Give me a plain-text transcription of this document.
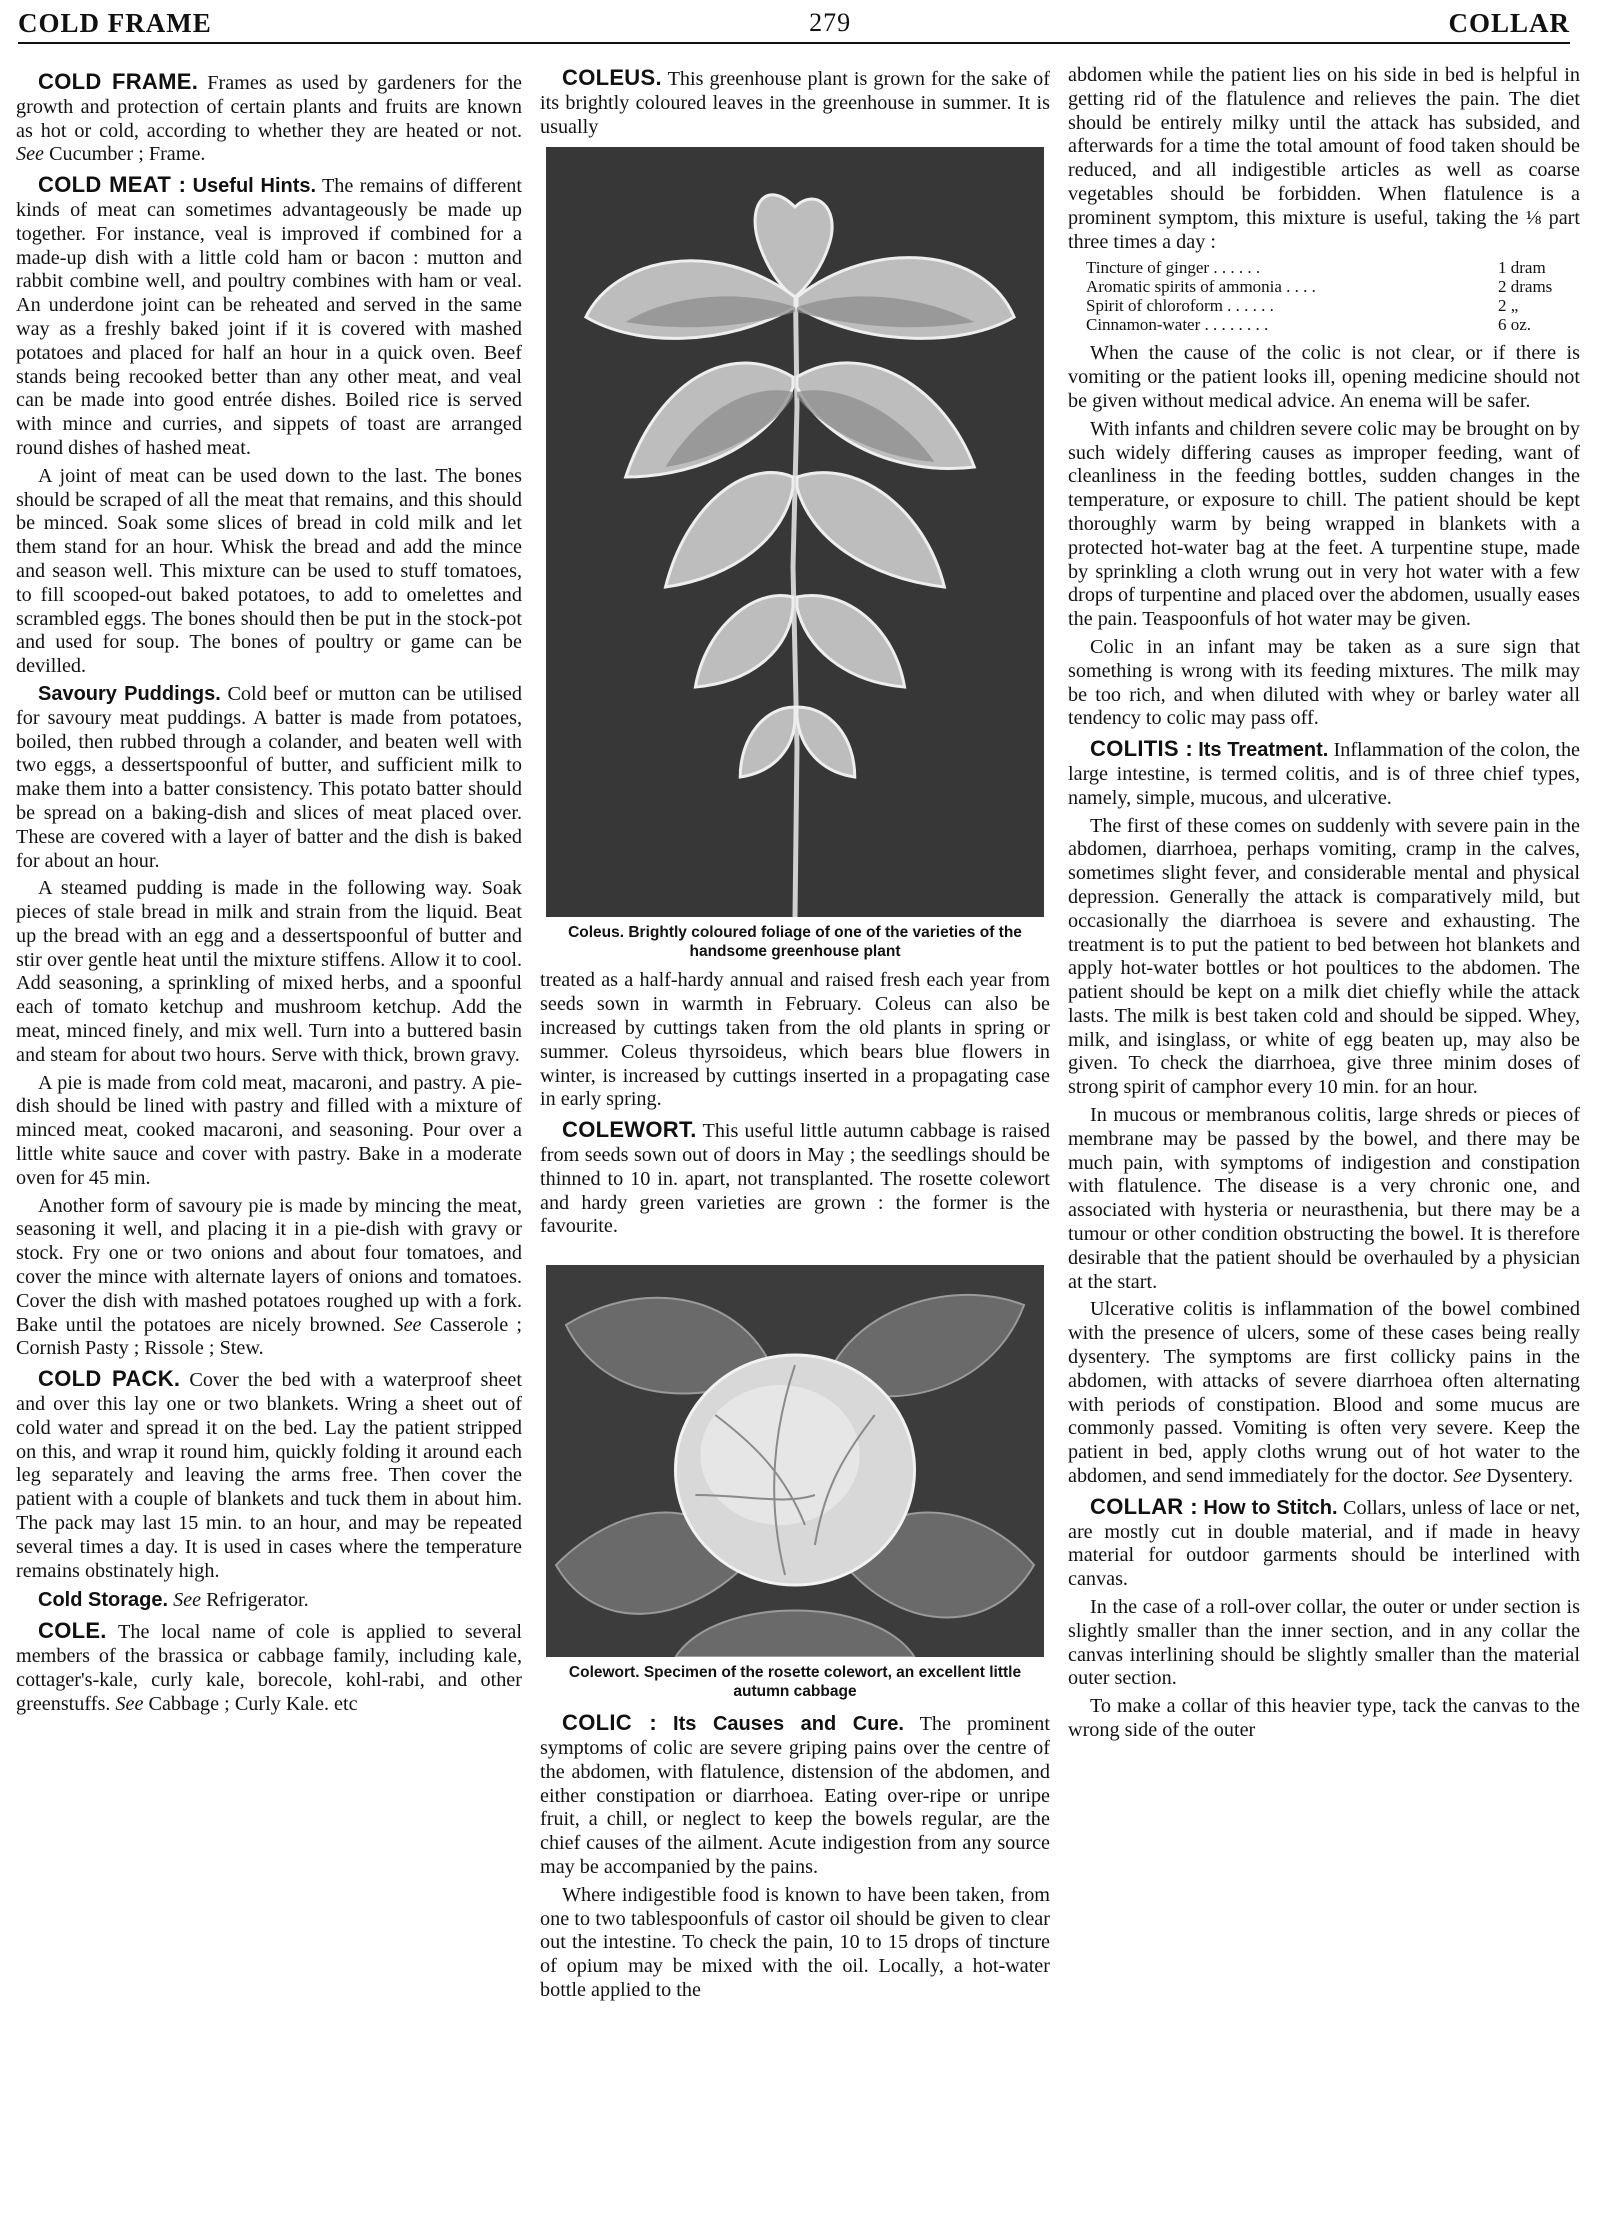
COLD FRAME	279	COLLAR

COLD FRAME. Frames as used by gardeners for the growth and protection of certain plants and fruits are known as hot or cold, according to whether they are heated or not. See Cucumber ; Frame.

COLD MEAT : Useful Hints. The remains of different kinds of meat can sometimes advantageously be made up together. For instance, veal is improved if combined for a made-up dish with a little cold ham or bacon : mutton and rabbit combine well, and poultry combines with ham or veal. An underdone joint can be reheated and served in the same way as a freshly baked joint if it is covered with mashed potatoes and placed for half an hour in a quick oven. Beef stands being recooked better than any other meat, and veal can be made into good entrée dishes. Boiled rice is served with mince and curries, and sippets of toast are arranged round dishes of hashed meat.

A joint of meat can be used down to the last. The bones should be scraped of all the meat that remains, and this should be minced. Soak some slices of bread in cold milk and let them stand for an hour. Whisk the bread and add the mince and season well. This mixture can be used to stuff tomatoes, to fill scooped-out baked potatoes, to add to omelettes and scrambled eggs. The bones should then be put in the stock-pot and used for soup. The bones of poultry or game can be devilled.

Savoury Puddings. Cold beef or mutton can be utilised for savoury meat puddings. A batter is made from potatoes, boiled, then rubbed through a colander, and beaten well with two eggs, a dessertspoonful of butter, and sufficient milk to make them into a batter consistency. This potato batter should be spread on a baking-dish and slices of meat placed over. These are covered with a layer of batter and the dish is baked for about an hour.

A steamed pudding is made in the following way. Soak pieces of stale bread in milk and strain from the liquid. Beat up the bread with an egg and a dessertspoonful of butter and stir over gentle heat until the mixture stiffens. Allow it to cool. Add seasoning, a sprinkling of mixed herbs, and a spoonful each of tomato ketchup and mushroom ketchup. Add the meat, minced finely, and mix well. Turn into a buttered basin and steam for about two hours. Serve with thick, brown gravy.

A pie is made from cold meat, macaroni, and pastry. A pie-dish should be lined with pastry and filled with a mixture of minced meat, cooked macaroni, and seasoning. Pour over a little white sauce and cover with pastry. Bake in a moderate oven for 45 min.

Another form of savoury pie is made by mincing the meat, seasoning it well, and placing it in a pie-dish with gravy or stock. Fry one or two onions and about four tomatoes, and cover the mince with alternate layers of onions and tomatoes. Cover the dish with mashed potatoes roughed up with a fork. Bake until the potatoes are nicely browned. See Casserole ; Cornish Pasty ; Rissole ; Stew.

COLD PACK. Cover the bed with a waterproof sheet and over this lay one or two blankets. Wring a sheet out of cold water and spread it on the bed. Lay the patient stripped on this, and wrap it round him, quickly folding it around each leg separately and leaving the arms free. Then cover the patient with a couple of blankets and tuck them in about him. The pack may last 15 min. to an hour, and may be repeated several times a day. It is used in cases where the temperature remains obstinately high.

Cold Storage. See Refrigerator.

COLE. The local name of cole is applied to several members of the brassica or cabbage family, including kale, cottager's-kale, curly kale, borecole, kohl-rabi, and other greenstuffs. See Cabbage ; Curly Kale. etc

COLEUS. This greenhouse plant is grown for the sake of its brightly coloured leaves in the greenhouse in summer. It is usually

Coleus. Brightly coloured foliage of one of the varieties of the handsome greenhouse plant

treated as a half-hardy annual and raised fresh each year from seeds sown in warmth in February. Coleus can also be increased by cuttings taken from the old plants in spring or summer. Coleus thyrsoideus, which bears blue flowers in winter, is increased by cuttings inserted in a propagating case in early spring.

COLEWORT. This useful little autumn cabbage is raised from seeds sown out of doors in May ; the seedlings should be thinned to 10 in. apart, not transplanted. The rosette colewort and hardy green varieties are grown : the former is the favourite.

Colewort. Specimen of the rosette colewort, an excellent little autumn cabbage

COLIC : Its Causes and Cure. The prominent symptoms of colic are severe griping pains over the centre of the abdomen, with flatulence, distension of the abdomen, and either constipation or diarrhoea. Eating over-ripe or unripe fruit, a chill, or neglect to keep the bowels regular, are the chief causes of the ailment. Acute indigestion from any source may be accompanied by the pains.

Where indigestible food is known to have been taken, from one to two tablespoonfuls of castor oil should be given to clear out the intestine. To check the pain, 10 to 15 drops of tincture of opium may be mixed with the oil. Locally, a hot-water bottle applied to the

abdomen while the patient lies on his side in bed is helpful in getting rid of the flatulence and relieves the pain. The diet should be entirely milky until the attack has subsided, and afterwards for a time the total amount of food taken should be reduced, and all indigestible articles as well as coarse vegetables should be forbidden. When flatulence is a prominent symptom, this mixture is useful, taking the ⅛ part three times a day :

Tincture of ginger . . . . . .	1 dram
Aromatic spirits of ammonia . . . .	2 drams
Spirit of chloroform . . . . . .	2 „
Cinnamon-water . . . . . . . .	6 oz.

When the cause of the colic is not clear, or if there is vomiting or the patient looks ill, opening medicine should not be given without medical advice. An enema will be safer.

With infants and children severe colic may be brought on by such widely differing causes as improper feeding, want of cleanliness in the feeding bottles, sudden changes in the temperature, or exposure to chill. The patient should be kept thoroughly warm by being wrapped in blankets with a protected hot-water bag at the feet. A turpentine stupe, made by sprinkling a cloth wrung out in very hot water with a few drops of turpentine and placed over the abdomen, usually eases the pain. Teaspoonfuls of hot water may be given.

Colic in an infant may be taken as a sure sign that something is wrong with its feeding mixtures. The milk may be too rich, and when diluted with whey or barley water all tendency to colic may pass off.

COLITIS : Its Treatment. Inflammation of the colon, the large intestine, is termed colitis, and is of three chief types, namely, simple, mucous, and ulcerative.

The first of these comes on suddenly with severe pain in the abdomen, diarrhoea, perhaps vomiting, cramp in the calves, sometimes slight fever, and considerable mental and physical depression. Generally the attack is comparatively mild, but occasionally the diarrhoea is severe and exhausting. The treatment is to put the patient to bed between hot blankets and apply hot-water bottles or hot poultices to the abdomen. The patient should be kept on a milk diet chiefly while the attack lasts. The milk is best taken cold and should be sipped. Whey, milk, and isinglass, or white of egg beaten up, may also be given. To check the diarrhoea, give three minim doses of strong spirit of camphor every 10 min. for an hour.

In mucous or membranous colitis, large shreds or pieces of membrane may be passed by the bowel, and there may be much pain, with symptoms of indigestion and constipation with flatulence. The disease is a very chronic one, and associated with hysteria or neurasthenia, but there may be a tumour or other condition obstructing the bowel. It is therefore desirable that the patient should be overhauled by a physician at the start.

Ulcerative colitis is inflammation of the bowel combined with the presence of ulcers, some of these cases being really dysentery. The symptoms are first collicky pains in the abdomen, with attacks of severe diarrhoea often alternating with periods of constipation. Blood and some mucus are commonly passed. Vomiting is often very severe. Keep the patient in bed, apply cloths wrung out of hot water to the abdomen, and send immediately for the doctor. See Dysentery.

COLLAR : How to Stitch. Collars, unless of lace or net, are mostly cut in double material, and if made in heavy material for outdoor garments should be interlined with canvas.

In the case of a roll-over collar, the outer or under section is slightly smaller than the inner section, and in any collar the canvas interlining should be slightly smaller than the material outer section.

To make a collar of this heavier type, tack the canvas to the wrong side of the outer
